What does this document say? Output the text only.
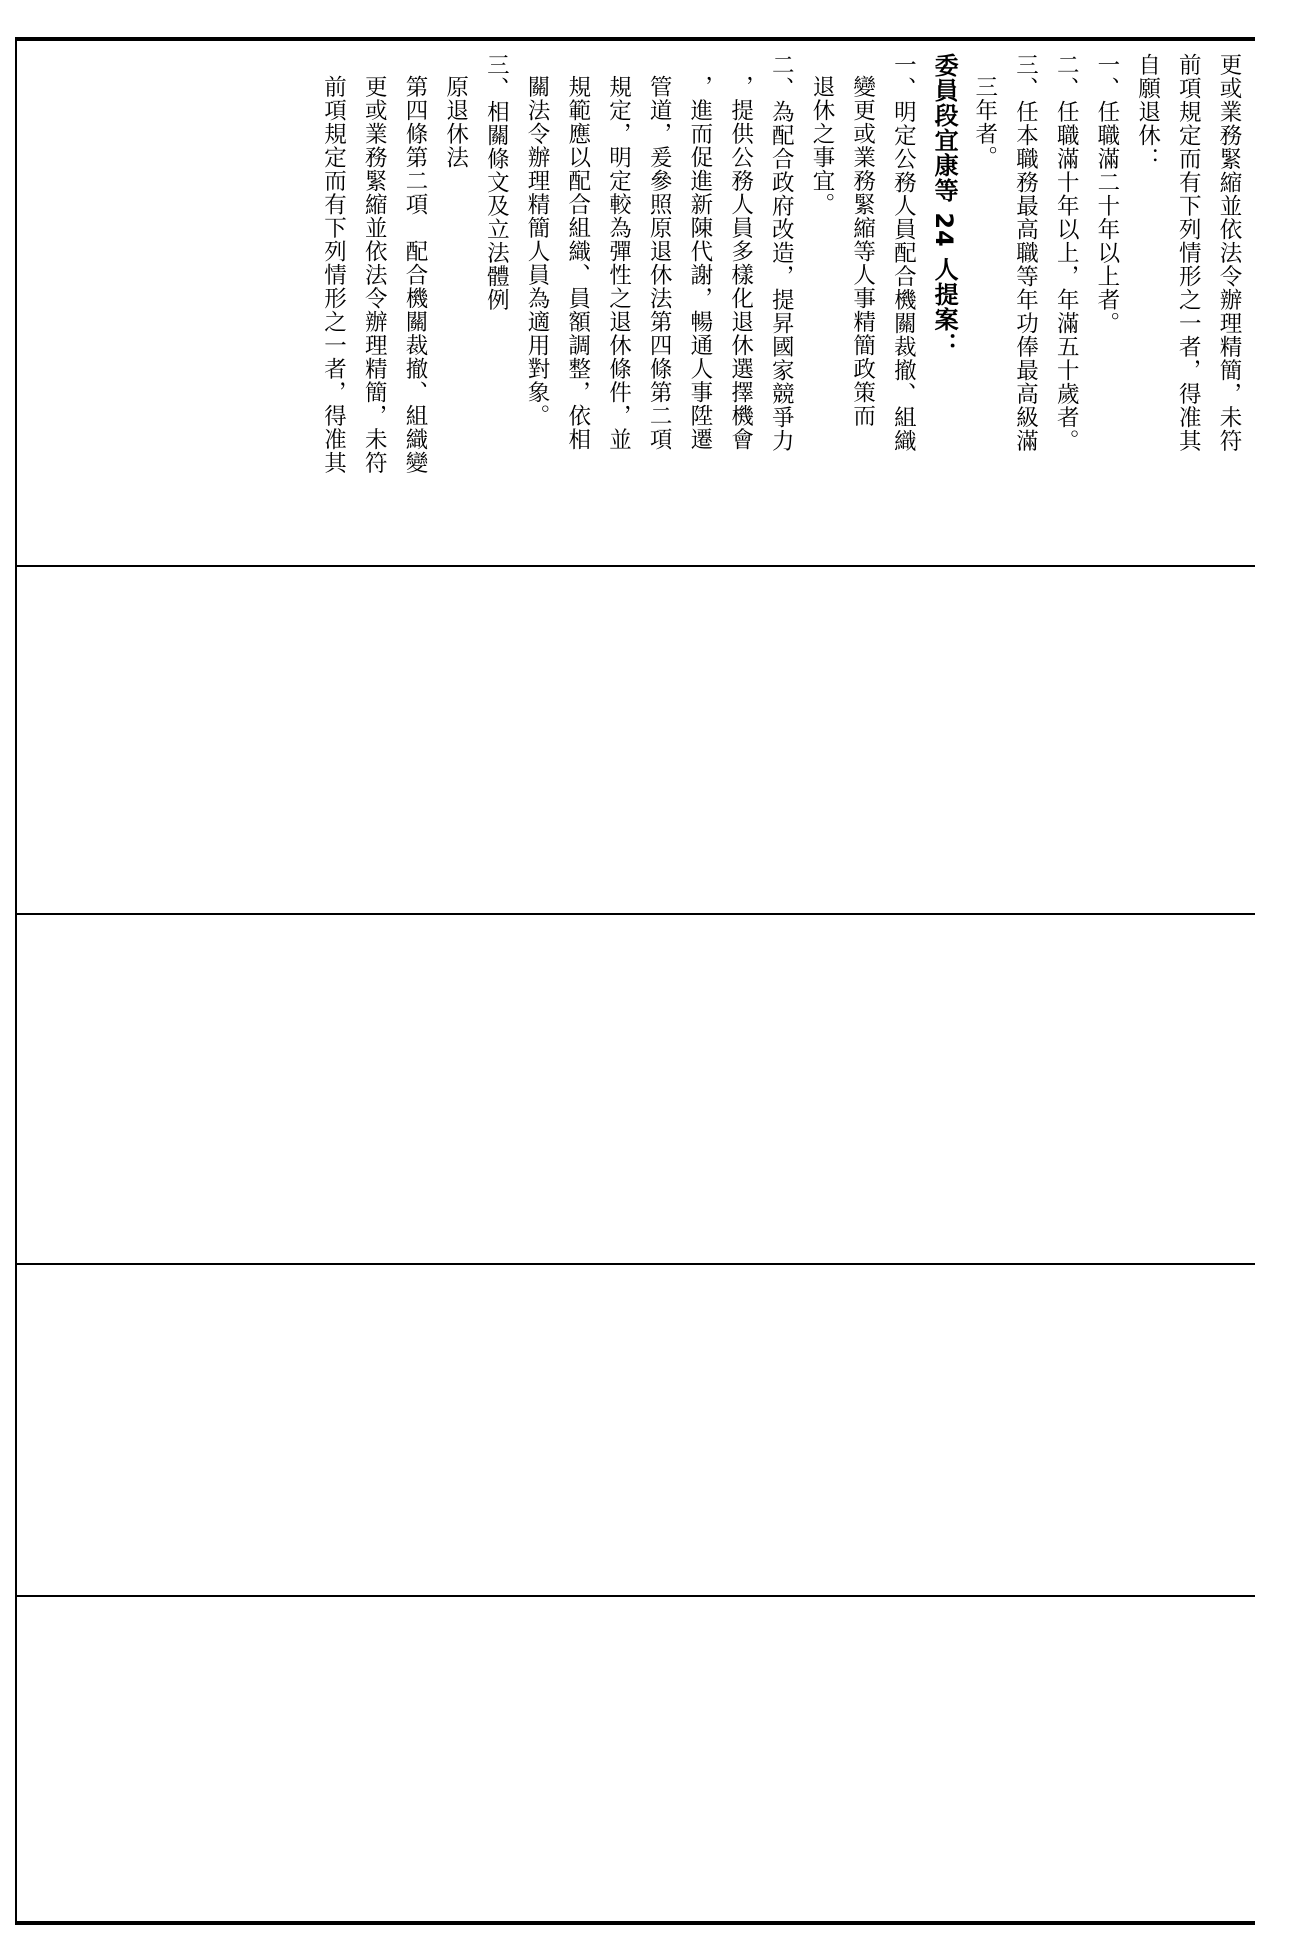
更或業務緊縮並依法令辦理精簡，未符
前項規定而有下列情形之一者，得准其
自願退休：
一、任職滿二十年以上者。
二、任職滿十年以上，年滿五十歲者。
三、任本職務最高職等年功俸最高級滿
三年者。
委員段宜康等 24 人提案：
一、明定公務人員配合機關裁撤、組織
變更或業務緊縮等人事精簡政策而
退休之事宜。
二、為配合政府改造，提昇國家競爭力
，提供公務人員多樣化退休選擇機會
，進而促進新陳代謝，暢通人事陞遷
管道，爰參照原退休法第四條第二項
規定，明定較為彈性之退休條件，並
規範應以配合組織、員額調整，依相
關法令辦理精簡人員為適用對象。
三、相關條文及立法體例
原退休法
第四條第二項　配合機關裁撤、組織變
更或業務緊縮並依法令辦理精簡，未符
前項規定而有下列情形之一者，得准其
